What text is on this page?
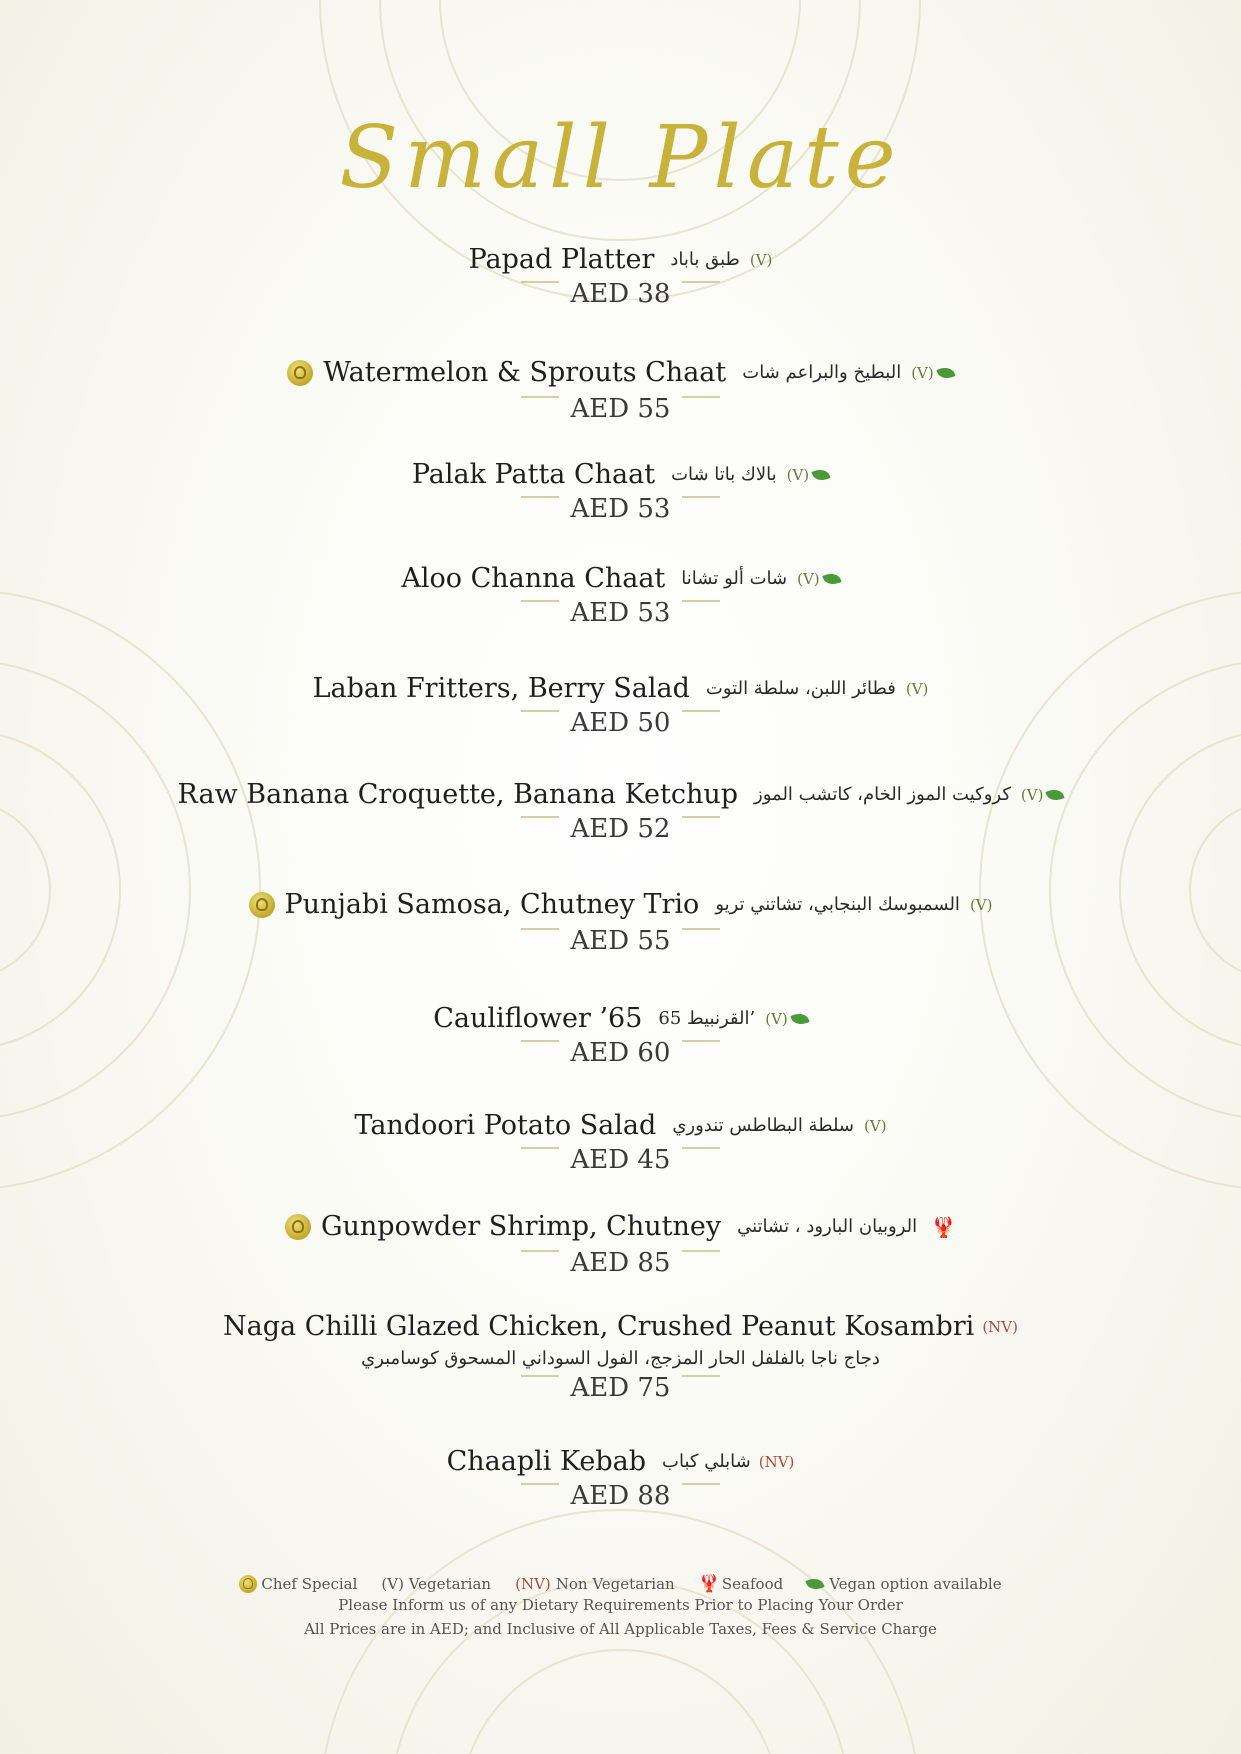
Small Plate
Papad Platter طبق باباد (V)
AED 38
Watermelon & Sprouts Chaat البطيخ والبراعم شات (V)
AED 55
Palak Patta Chaat بالاك باتا شات (V)
AED 53
Aloo Channa Chaat شات ألو تشانا (V)
AED 53
Laban Fritters, Berry Salad فطائر اللبن، سلطة التوت (V)
AED 50
Raw Banana Croquette, Banana Ketchup كروكيت الموز الخام، كاتشب الموز (V)
AED 52
Punjabi Samosa, Chutney Trio السمبوسك البنجابي، تشاتني تريو (V)
AED 55
Cauliflower ’65 القرنبيط 65’ (V)
AED 60
Tandoori Potato Salad سلطة البطاطس تندوري (V)
AED 45
Gunpowder Shrimp, Chutney الروبيان البارود ، تشاتني 🦞
AED 85
Naga Chilli Glazed Chicken, Crushed Peanut Kosambri (NV)
دجاج ناجا بالفلفل الحار المزجج، الفول السوداني المسحوق كوسامبري
AED 75
Chaapli Kebab شابلي كباب (NV)
AED 88
Chef Special (V) Vegetarian (NV) Non Vegetarian 🦞 Seafood	Vegan option available
Please Inform us of any Dietary Requirements Prior to Placing Your Order
All Prices are in AED; and Inclusive of All Applicable Taxes, Fees & Service Charge
